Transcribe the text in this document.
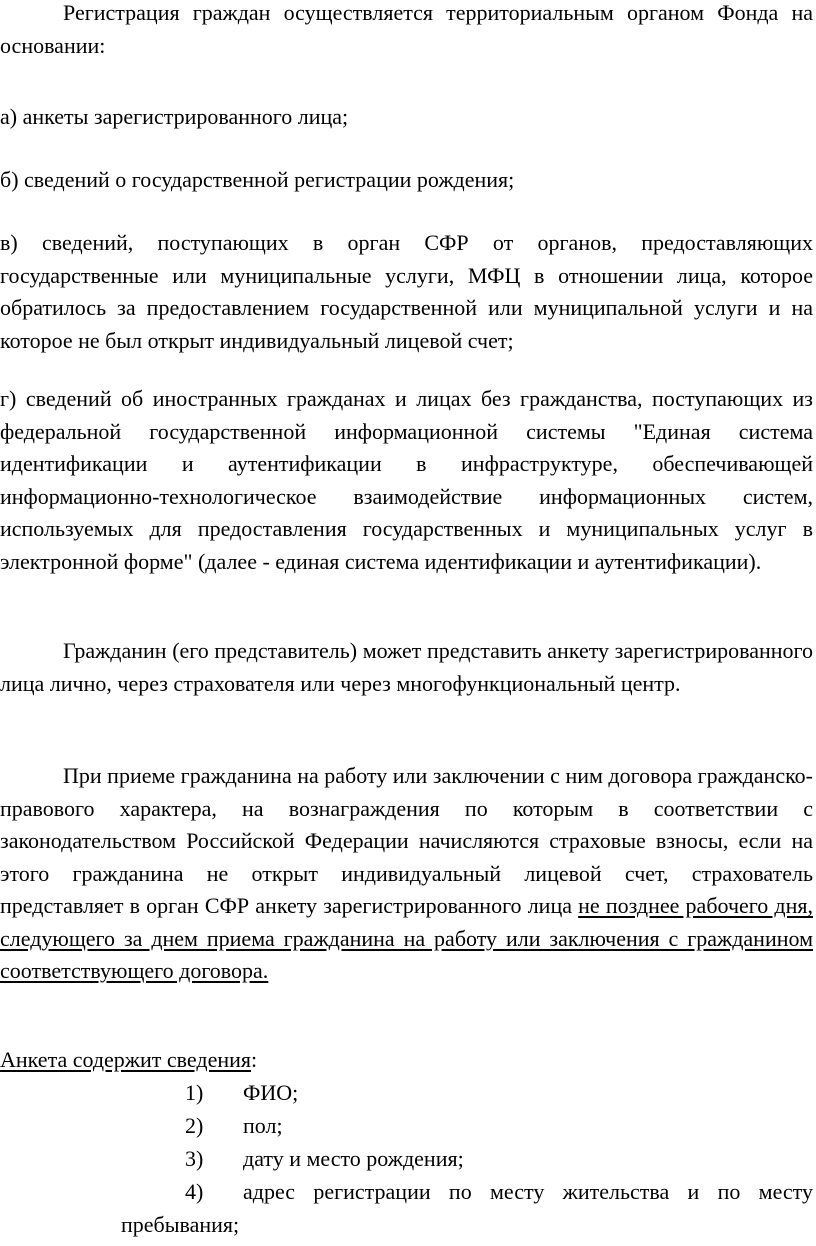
Регистрация граждан осуществляется территориальным органом Фонда на основании:

а) анкеты зарегистрированного лица;

б) сведений о государственной регистрации рождения;

в) сведений, поступающих в орган СФР от органов, предоставляющих государственные или муниципальные услуги, МФЦ в отношении лица, которое обратилось за предоставлением государственной или муниципальной услуги и на которое не был открыт индивидуальный лицевой счет;

г) сведений об иностранных гражданах и лицах без гражданства, поступающих из федеральной государственной информационной системы "Единая система идентификации и аутентификации в инфраструктуре, обеспечивающей информационно-технологическое взаимодействие информационных систем, используемых для предоставления государственных и муниципальных услуг в электронной форме" (далее - единая система идентификации и аутентификации).

Гражданин (его представитель) может представить анкету зарегистрированного лица лично, через страхователя или через многофункциональный центр.

При приеме гражданина на работу или заключении с ним договора гражданско-правового характера, на вознаграждения по которым в соответствии с законодательством Российской Федерации начисляются страховые взносы, если на этого гражданина не открыт индивидуальный лицевой счет, страхователь представляет в орган СФР анкету зарегистрированного лица не позднее рабочего дня, следующего за днем приема гражданина на работу или заключения с гражданином соответствующего договора.

Анкета содержит сведения:
1) ФИО;
2) пол;
3) дату и место рождения;
4)	адрес регистрации по месту жительства и по месту пребывания;
